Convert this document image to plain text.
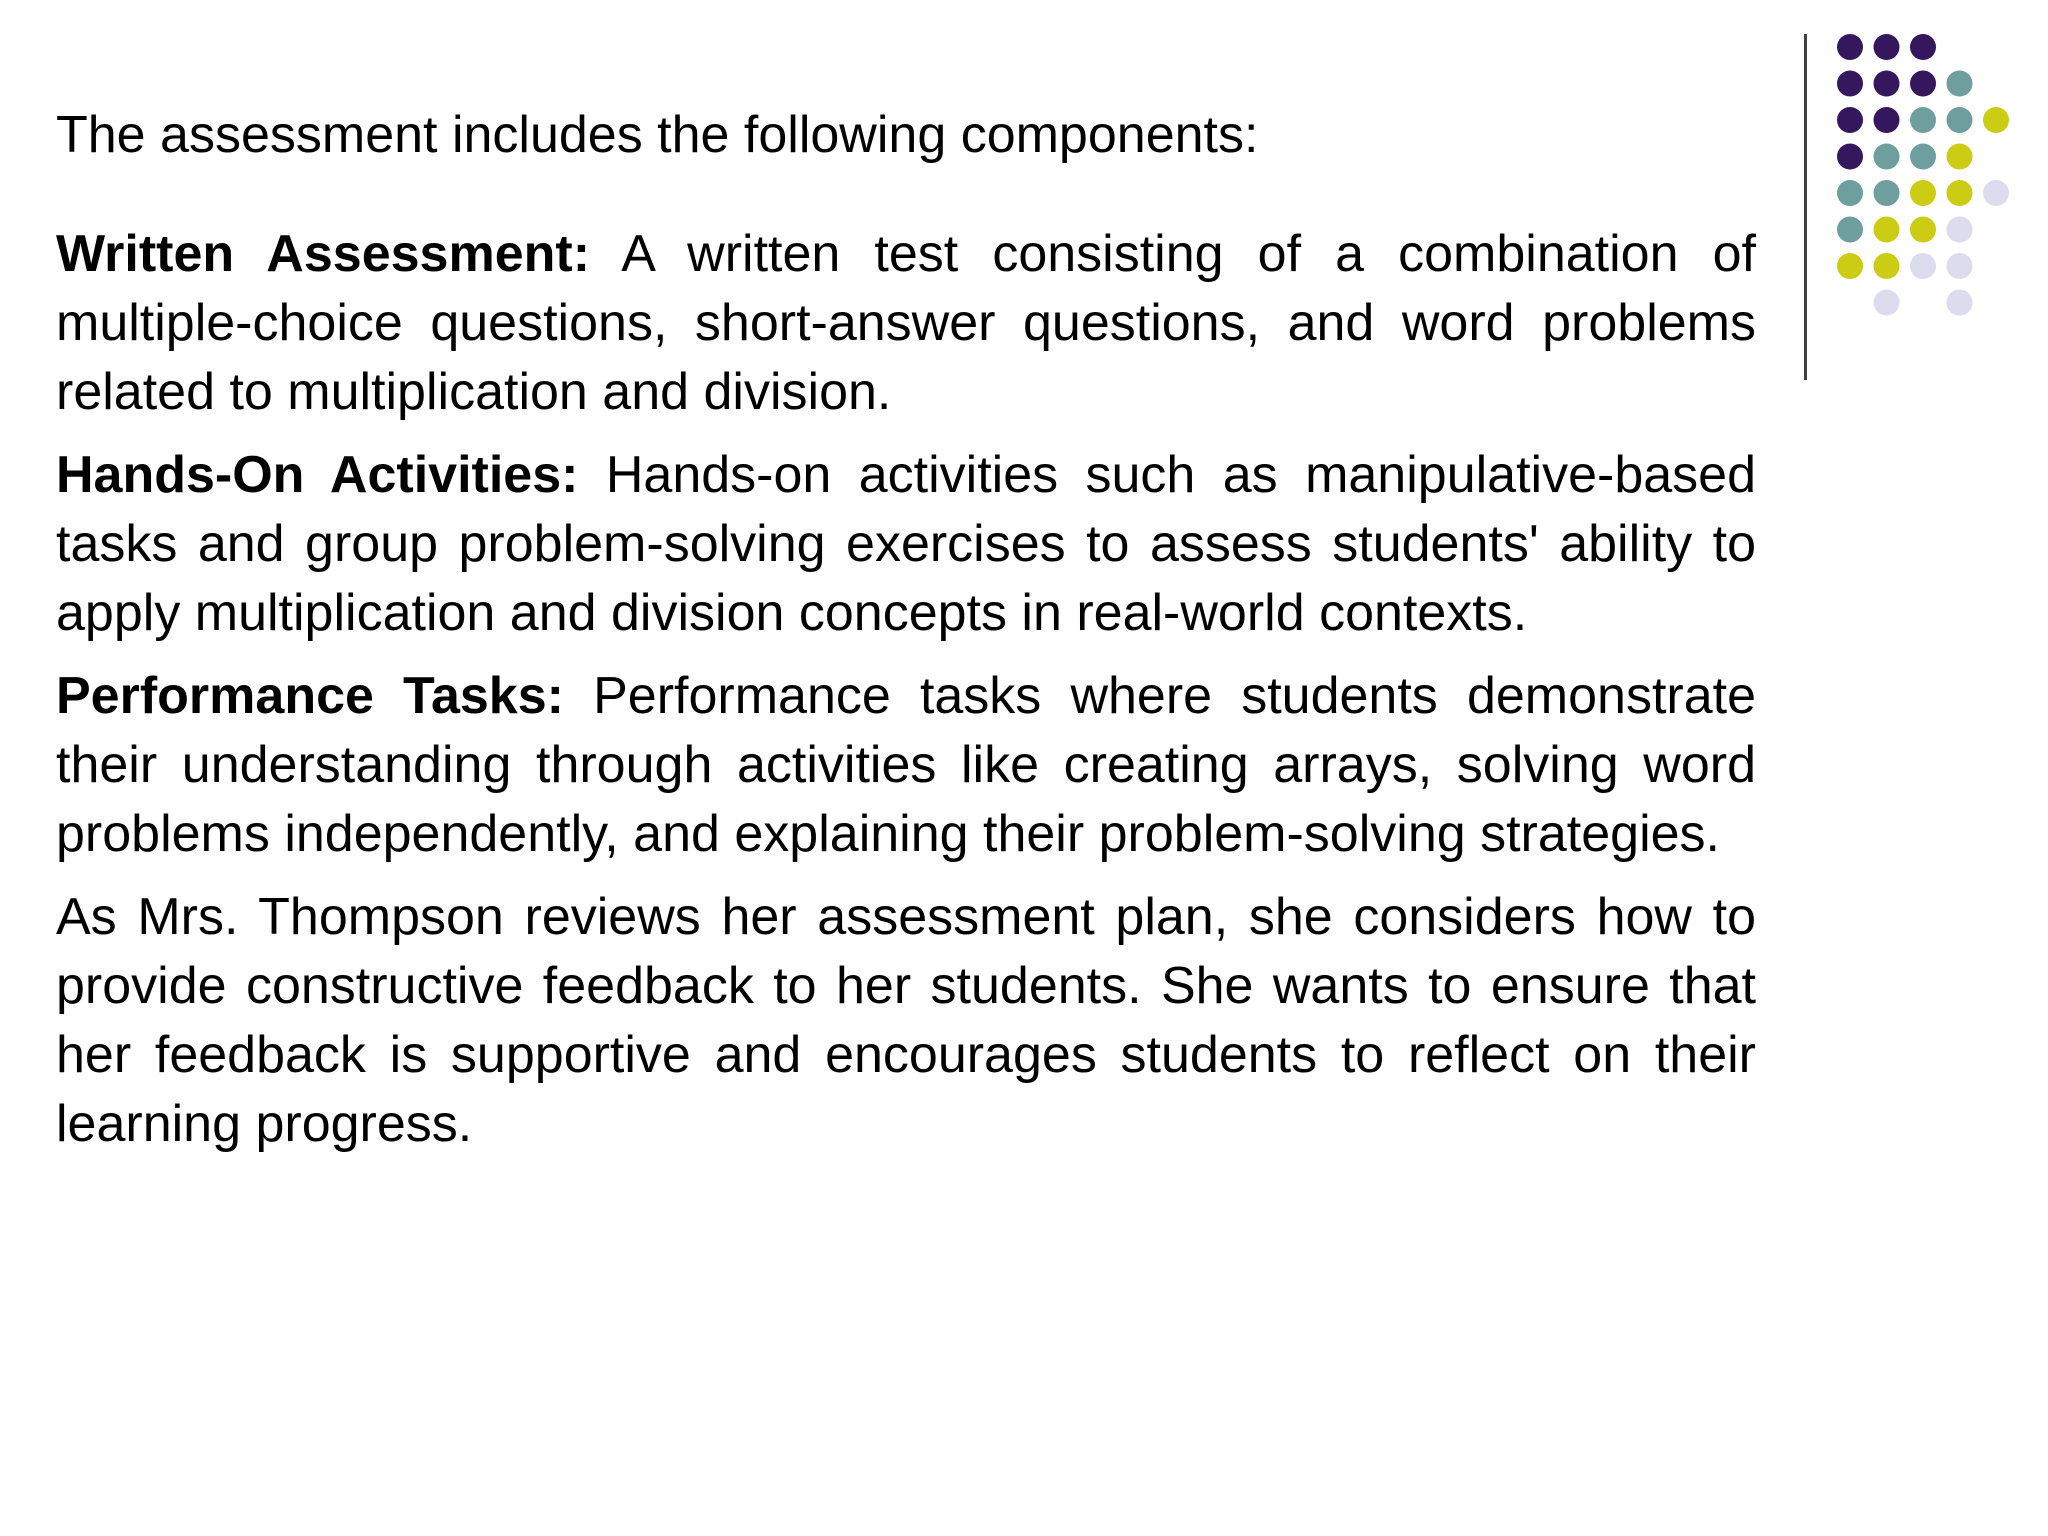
The assessment includes the following components:

Written Assessment: A written test consisting of a combination of multiple-choice questions, short-answer questions, and word problems related to multiplication and division.

Hands-On Activities: Hands-on activities such as manipulative-based tasks and group problem-solving exercises to assess students' ability to apply multiplication and division concepts in real-world contexts.

Performance Tasks: Performance tasks where students demonstrate their understanding through activities like creating arrays, solving word problems independently, and explaining their problem-solving strategies.

As Mrs. Thompson reviews her assessment plan, she considers how to provide constructive feedback to her students. She wants to ensure that her feedback is supportive and encourages students to reflect on their learning progress.
